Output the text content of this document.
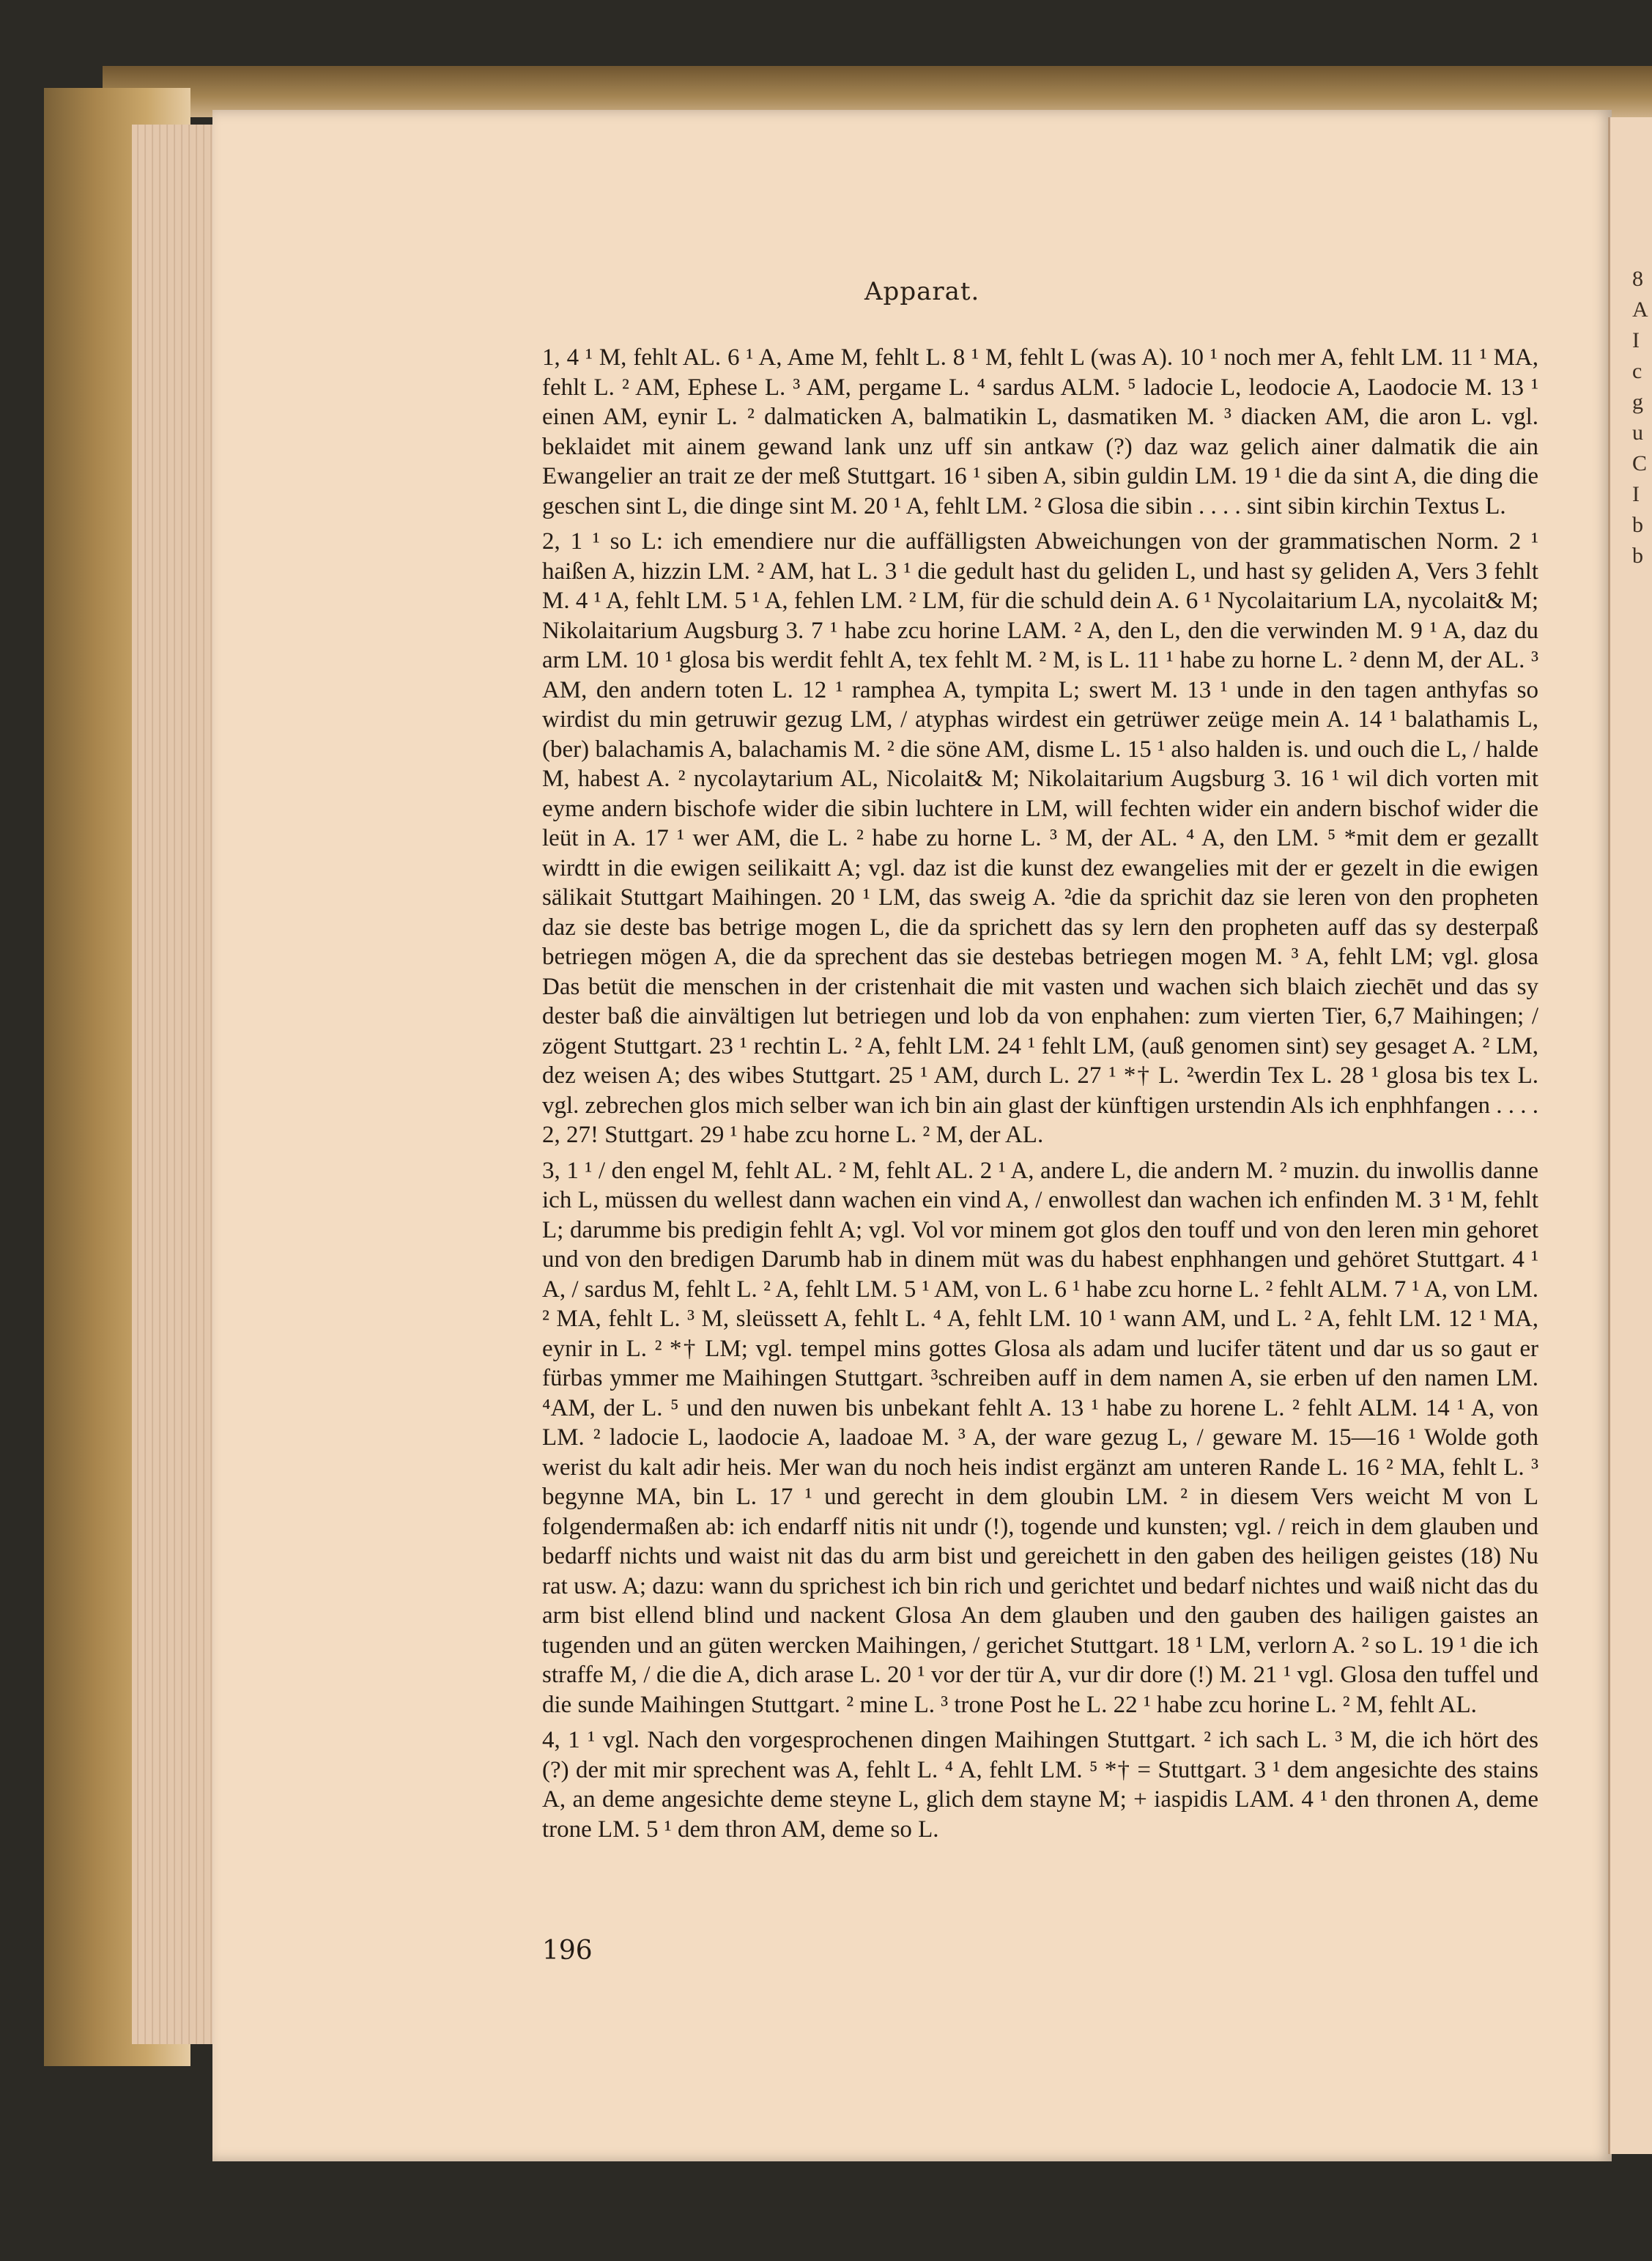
Apparat.

1, 4 ¹ M, fehlt AL. 6 ¹ A, Ame M, fehlt L. 8 ¹ M, fehlt L (was A). 10 ¹ noch mer A, fehlt LM. 11 ¹ MA, fehlt L. ² AM, Ephese L. ³ AM, pergame L. ⁴ sardus ALM. ⁵ ladocie L, leodocie A, Laodocie M. 13 ¹ einen AM, eynir L. ² dalmaticken A, balmatikin L, dasmatiken M. ³ diacken AM, die aron L. vgl. beklaidet mit ainem gewand lank unz uff sin antkaw (?) daz waz gelich ainer dalmatik die ain Ewangelier an trait ze der meß Stuttgart. 16 ¹ siben A, sibin guldin LM. 19 ¹ die da sint A, die ding die geschen sint L, die dinge sint M. 20 ¹ A, fehlt LM. ² Glosa die sibin . . . . sint sibin kirchin Textus L.

2, 1 ¹ so L: ich emendiere nur die auffälligsten Abweichungen von der grammatischen Norm. 2 ¹ haißen A, hizzin LM. ² AM, hat L. 3 ¹ die gedult hast du geliden L, und hast sy geliden A, Vers 3 fehlt M. 4 ¹ A, fehlt LM. 5 ¹ A, fehlen LM. ² LM, für die schuld dein A. 6 ¹ Nycolaitarium LA, nycolait& M; Nikolaitarium Augsburg 3. 7 ¹ habe zcu horine LAM. ² A, den L, den die verwinden M. 9 ¹ A, daz du arm LM. 10 ¹ glosa bis werdit fehlt A, tex fehlt M. ² M, is L. 11 ¹ habe zu horne L. ² denn M, der AL. ³ AM, den andern toten L. 12 ¹ ramphea A, tympita L; swert M. 13 ¹ unde in den tagen anthyfas so wirdist du min getruwir gezug LM, / atyphas wirdest ein getrüwer zeüge mein A. 14 ¹ balathamis L, (ber) balachamis A, balachamis M. ² die söne AM, disme L. 15 ¹ also halden is. und ouch die L, / halde M, habest A. ² nycolaytarium AL, Nicolait& M; Nikolaitarium Augsburg 3. 16 ¹ wil dich vorten mit eyme andern bischofe wider die sibin luchtere in LM, will fechten wider ein andern bischof wider die leüt in A. 17 ¹ wer AM, die L. ² habe zu horne L. ³ M, der AL. ⁴ A, den LM. ⁵ *mit dem er gezallt wirdtt in die ewigen seilikaitt A; vgl. daz ist die kunst dez ewangelies mit der er gezelt in die ewigen sälikait Stuttgart Maihingen. 20 ¹ LM, das sweig A. ²die da sprichit daz sie leren von den propheten daz sie deste bas betrige mogen L, die da sprichett das sy lern den propheten auff das sy desterpaß betriegen mögen A, die da sprechent das sie destebas betriegen mogen M. ³ A, fehlt LM; vgl. glosa Das betüt die menschen in der cristenhait die mit vasten und wachen sich blaich ziechēt und das sy dester baß die ainvältigen lut betriegen und lob da von enphahen: zum vierten Tier, 6,7 Maihingen; / zögent Stuttgart. 23 ¹ rechtin L. ² A, fehlt LM. 24 ¹ fehlt LM, (auß genomen sint) sey gesaget A. ² LM, dez weisen A; des wibes Stuttgart. 25 ¹ AM, durch L. 27 ¹ *† L. ²werdin Tex L. 28 ¹ glosa bis tex L. vgl. zebrechen glos mich selber wan ich bin ain glast der künftigen urstendin Als ich enphhfangen . . . . 2, 27! Stuttgart. 29 ¹ habe zcu horne L. ² M, der AL.

3, 1 ¹ / den engel M, fehlt AL. ² M, fehlt AL. 2 ¹ A, andere L, die andern M. ² muzin. du inwollis danne ich L, müssen du wellest dann wachen ein vind A, / enwollest dan wachen ich enfinden M. 3 ¹ M, fehlt L; darumme bis predigin fehlt A; vgl. Vol vor minem got glos den touff und von den leren min gehoret und von den bredigen Darumb hab in dinem müt was du habest enphhangen und gehöret Stuttgart. 4 ¹ A, / sardus M, fehlt L. ² A, fehlt LM. 5 ¹ AM, von L. 6 ¹ habe zcu horne L. ² fehlt ALM. 7 ¹ A, von LM. ² MA, fehlt L. ³ M, sleüssett A, fehlt L. ⁴ A, fehlt LM. 10 ¹ wann AM, und L. ² A, fehlt LM. 12 ¹ MA, eynir in L. ² *† LM; vgl. tempel mins gottes Glosa als adam und lucifer tätent und dar us so gaut er fürbas ymmer me Maihingen Stuttgart. ³schreiben auff in dem namen A, sie erben uf den namen LM. ⁴AM, der L. ⁵ und den nuwen bis unbekant fehlt A. 13 ¹ habe zu horene L. ² fehlt ALM. 14 ¹ A, von LM. ² ladocie L, laodocie A, laadoae M. ³ A, der ware gezug L, / geware M. 15—16 ¹ Wolde goth werist du kalt adir heis. Mer wan du noch heis indist ergänzt am unteren Rande L. 16 ² MA, fehlt L. ³ begynne MA, bin L. 17 ¹ und gerecht in dem gloubin LM. ² in diesem Vers weicht M von L folgendermaßen ab: ich endarff nitis nit undr (!), togende und kunsten; vgl. / reich in dem glauben und bedarff nichts und waist nit das du arm bist und gereichett in den gaben des heiligen geistes (18) Nu rat usw. A; dazu: wann du sprichest ich bin rich und gerichtet und bedarf nichtes und waiß nicht das du arm bist ellend blind und nackent Glosa An dem glauben und den gauben des hailigen gaistes an tugenden und an güten wercken Maihingen, / gerichet Stuttgart. 18 ¹ LM, verlorn A. ² so L. 19 ¹ die ich straffe M, / die die A, dich arase L. 20 ¹ vor der tür A, vur dir dore (!) M. 21 ¹ vgl. Glosa den tuffel und die sunde Maihingen Stuttgart. ² mine L. ³ trone Post he L. 22 ¹ habe zcu horine L. ² M, fehlt AL.

4, 1 ¹ vgl. Nach den vorgesprochenen dingen Maihingen Stuttgart. ² ich sach L. ³ M, die ich hört des (?) der mit mir sprechent was A, fehlt L. ⁴ A, fehlt LM. ⁵ *† = Stuttgart. 3 ¹ dem angesichte des stains A, an deme angesichte deme steyne L, glich dem stayne M; + iaspidis LAM. 4 ¹ den thronen A, deme trone LM. 5 ¹ dem thron AM, deme so L.

196
8
A
I
c
g
u
C
I
b
b
